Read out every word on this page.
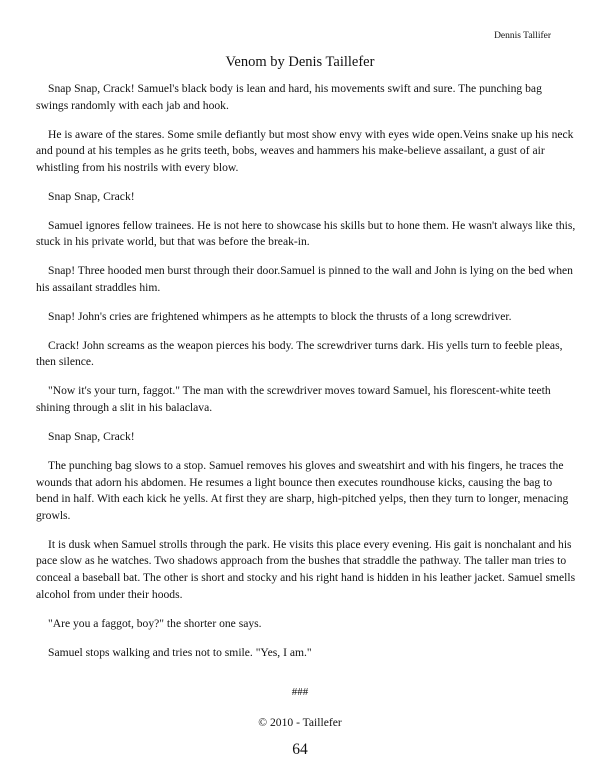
Dennis Tallifer
Venom by Denis Taillefer

Snap Snap, Crack! Samuel's black body is lean and hard, his movements swift and sure. The punching bag swings randomly with each jab and hook.

He is aware of the stares. Some smile defiantly but most show envy with eyes wide open.Veins snake up his neck and pound at his temples as he grits teeth, bobs, weaves and hammers his make-believe assailant, a gust of air whistling from his nostrils with every blow.

Snap Snap, Crack!

Samuel ignores fellow trainees. He is not here to showcase his skills but to hone them. He wasn't always like this, stuck in his private world, but that was before the break-in.

Snap! Three hooded men burst through their door.Samuel is pinned to the wall and John is lying on the bed when his assailant straddles him.

Snap! John's cries are frightened whimpers as he attempts to block the thrusts of a long screwdriver.

Crack! John screams as the weapon pierces his body. The screwdriver turns dark. His yells turn to feeble pleas, then silence.

"Now it's your turn, faggot." The man with the screwdriver moves toward Samuel, his florescent-white teeth shining through a slit in his balaclava.

Snap Snap, Crack!

The punching bag slows to a stop. Samuel removes his gloves and sweatshirt and with his fingers, he traces the wounds that adorn his abdomen. He resumes a light bounce then executes roundhouse kicks, causing the bag to bend in half. With each kick he yells. At first they are sharp, high-pitched yelps, then they turn to longer, menacing growls.

It is dusk when Samuel strolls through the park. He visits this place every evening. His gait is nonchalant and his pace slow as he watches. Two shadows approach from the bushes that straddle the pathway. The taller man tries to conceal a baseball bat. The other is short and stocky and his right hand is hidden in his leather jacket. Samuel smells alcohol from under their hoods.

"Are you a faggot, boy?" the shorter one says.

Samuel stops walking and tries not to smile. "Yes, I am."

###
© 2010 - Taillefer
64
